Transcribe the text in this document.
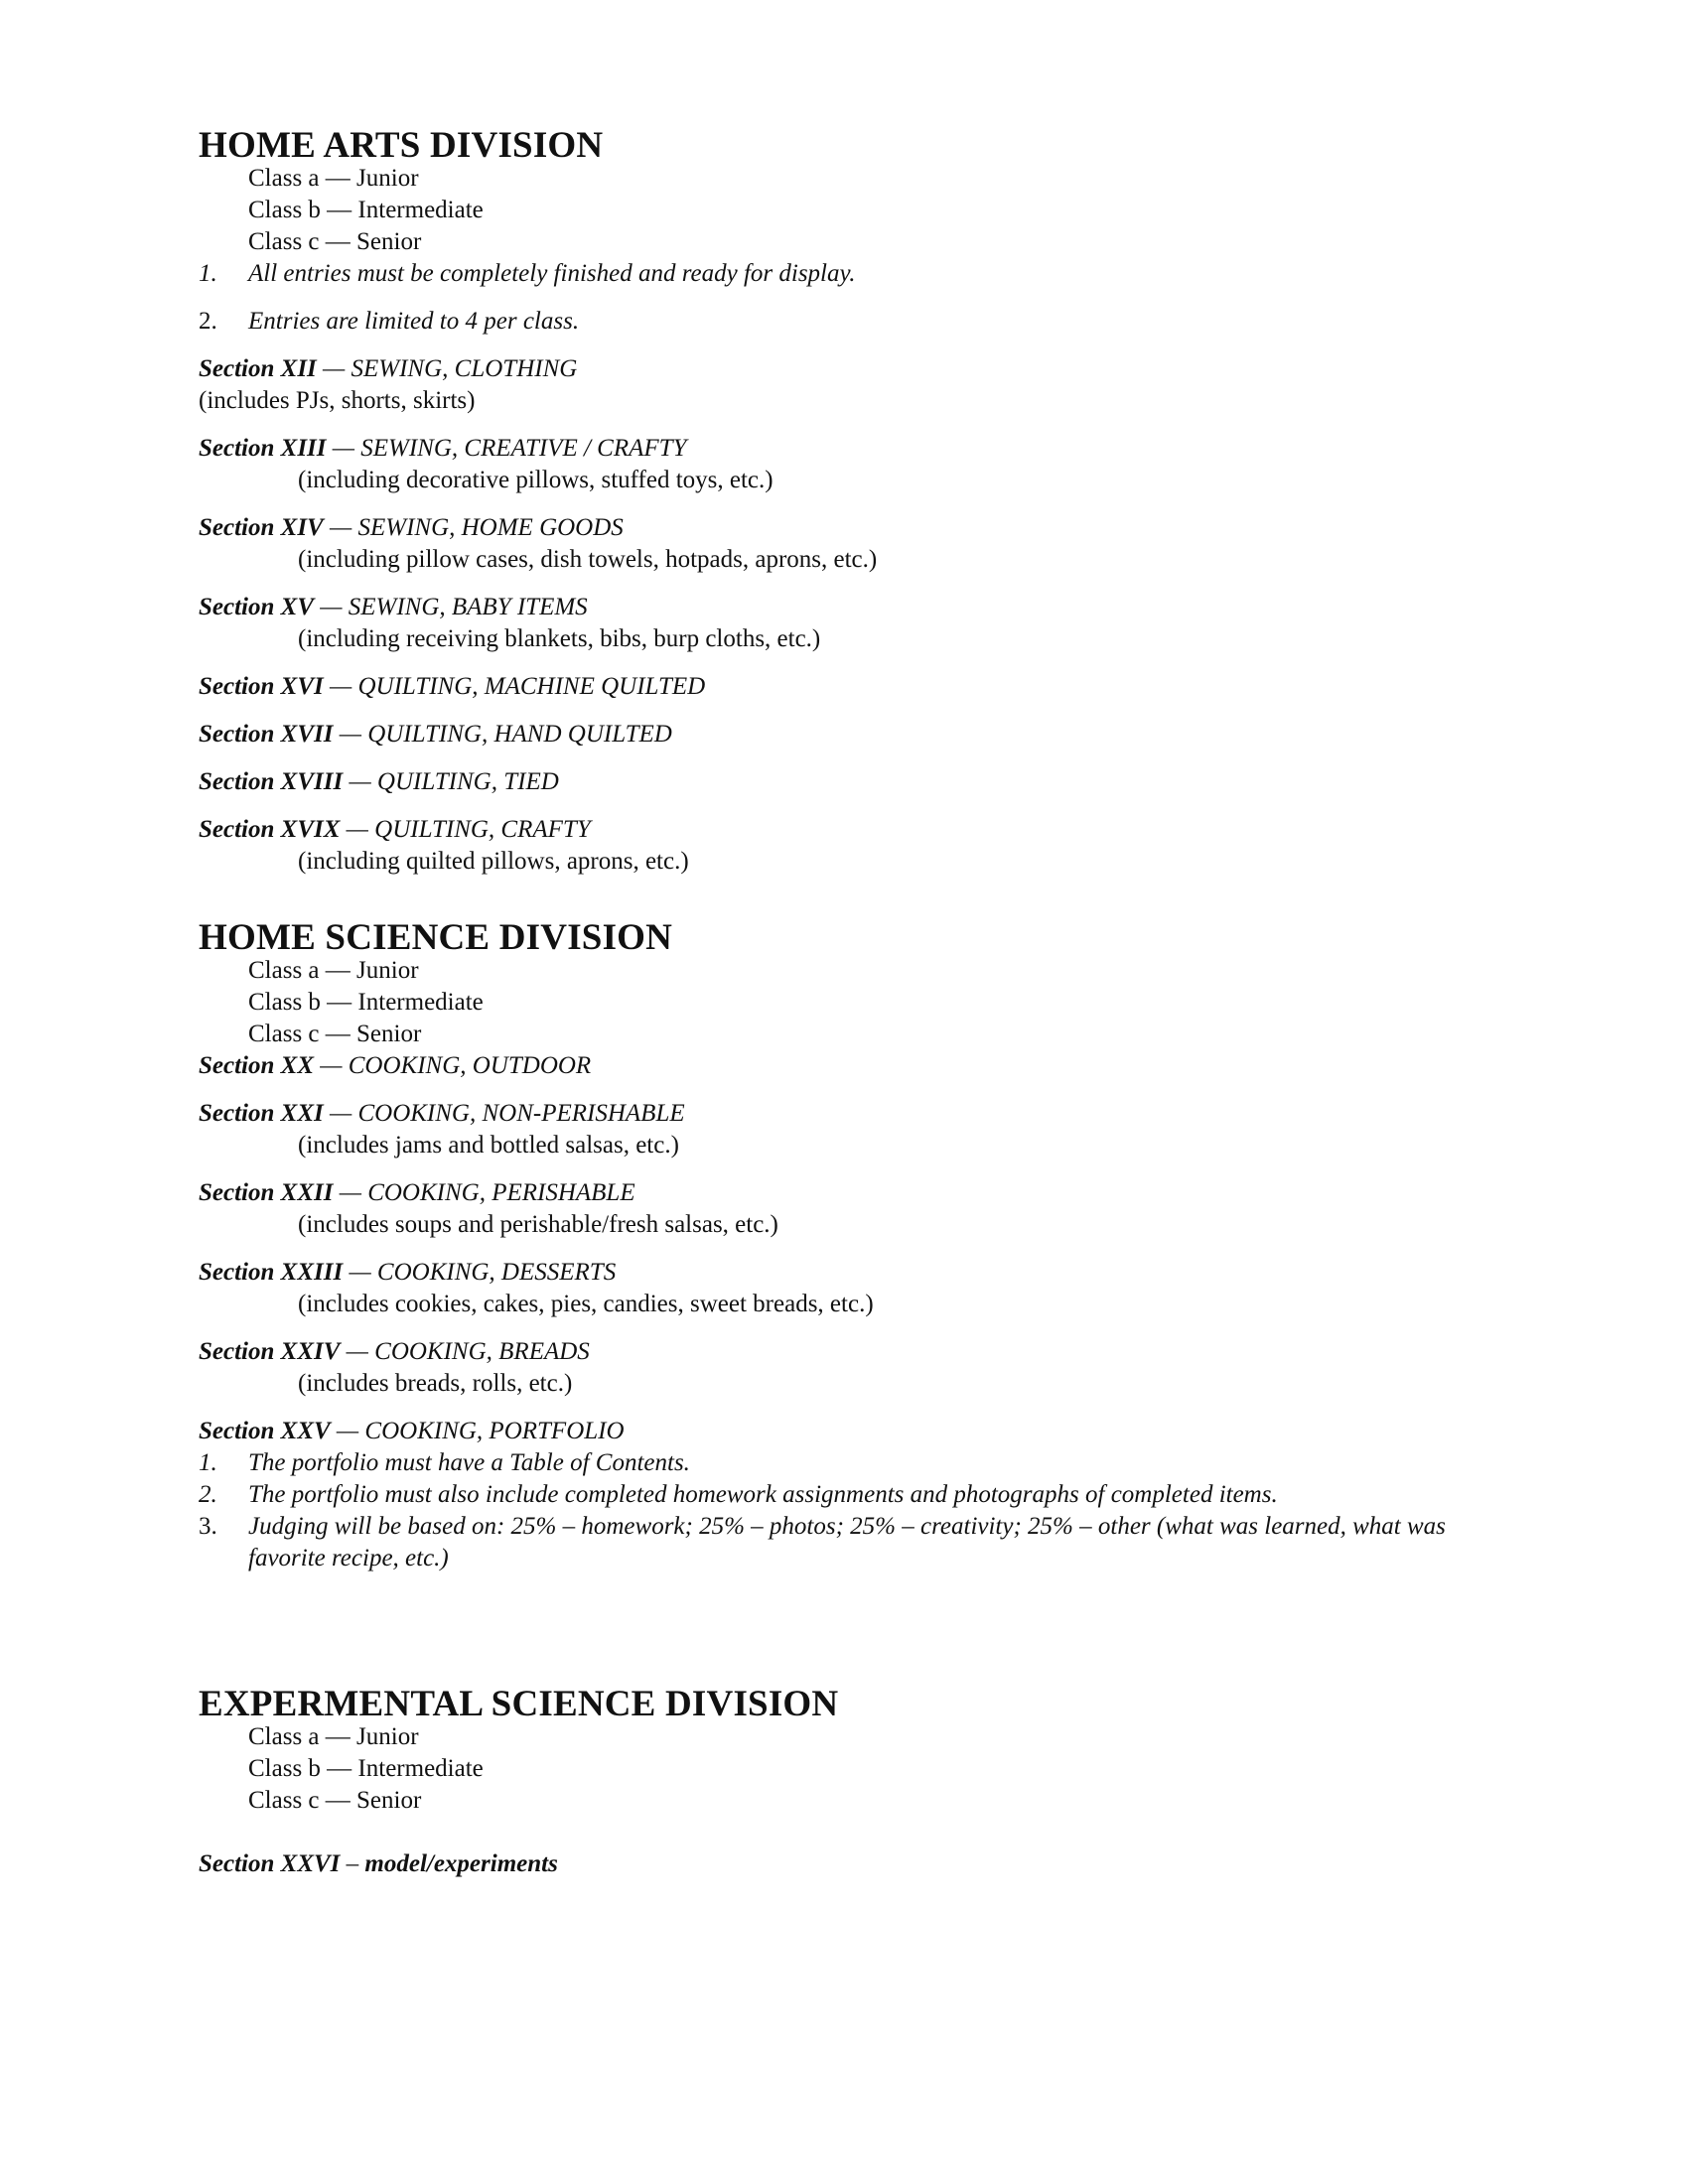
HOME ARTS DIVISION
Class a — Junior
Class b — Intermediate
Class c — Senior
1.	All entries must be completely finished and ready for display.
2.	Entries are limited to 4 per class.
Section XII — SEWING, CLOTHING
(includes PJs, shorts, skirts)
Section XIII — SEWING, CREATIVE / CRAFTY
(including decorative pillows, stuffed toys, etc.)
Section XIV — SEWING, HOME GOODS
(including pillow cases, dish towels, hotpads, aprons, etc.)
Section XV — SEWING, BABY ITEMS
(including receiving blankets, bibs, burp cloths, etc.)
Section XVI — QUILTING, MACHINE QUILTED
Section XVII — QUILTING, HAND QUILTED
Section XVIII — QUILTING, TIED
Section XVIX — QUILTING, CRAFTY
(including quilted pillows, aprons, etc.)
HOME SCIENCE DIVISION
Class a — Junior
Class b — Intermediate
Class c — Senior
Section XX — COOKING, OUTDOOR
Section XXI — COOKING, NON-PERISHABLE
(includes jams and bottled salsas, etc.)
Section XXII — COOKING, PERISHABLE
(includes soups and perishable/fresh salsas, etc.)
Section XXIII — COOKING, DESSERTS
(includes cookies, cakes, pies, candies, sweet breads, etc.)
Section XXIV — COOKING, BREADS
(includes breads, rolls, etc.)
Section XXV — COOKING, PORTFOLIO
1.	The portfolio must have a Table of Contents.
2.	The portfolio must also include completed homework assignments and photographs of completed items.
3.	Judging will be based on: 25% – homework; 25% – photos; 25% – creativity; 25% – other (what was learned, what was favorite recipe, etc.)
EXPERMENTAL SCIENCE DIVISION
Class a — Junior
Class b — Intermediate
Class c — Senior
Section XXVI – model/experiments
